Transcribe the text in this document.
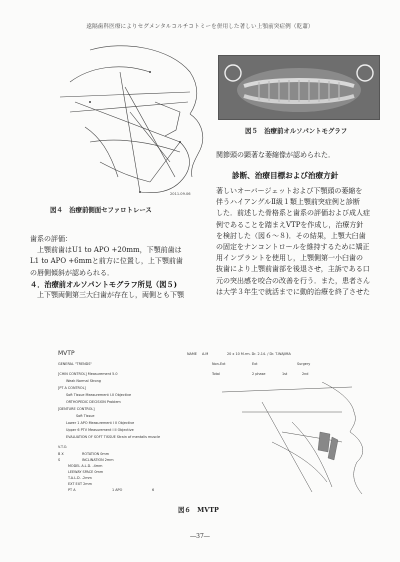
遠隔歯科医療によりセグメンタルコルチコトミーを併用した著しい上顎前突症例（乾蕭）
2011.09.06
図４　治療前側面セファロトレース
図５　治療前オルソパントモグラフ
関節頭の顕著な萎縮像が認められた．
診断、治療目標および治療方針

著しいオーバージェットおよび下顎頭の萎縮を

伴うハイアングルⅡ級１類上顎前突症例と診断

した．前述した骨格系と歯系の評価および成人症

例であることを踏まえVTPを作成し，治療方針

を検討した（図６～８)．その結果，上顎大臼歯

の固定をナンコントロールを維持するために矯正

用インプラントを使用し，上顎側第一小臼歯の

抜歯により上顎前歯部を後退させ，主訴である口

元の突出感を咬合の改善を行う．また，患者さん

は大学３年生で就活までに動的治療を終了させた

歯系の評価：

　上顎前歯はU1 to APO +20mm，下顎前歯は

L1 to APO +6mmと前方に位置し，上下顎前歯

の唇側傾斜が認められる．

４．治療前オルソパントモグラフ所見（図５)

　上下顎両側第三大臼歯が存在し，両側とも下顎

MVTP	NAME A.M	20 x 10 M.rm. Dr. 2.14. / Dr. T.WAJIMA
GENERAL "TRENDS"	Non-Ext	Ext	Surgery
Total	2 phase	1st	2nd
[CHIN CONTROL] Measurement 5.0
Weak Normal Strong
[PT A CONTROL]
Soft Tissue Measurement I.II Objective
ORTHOPEDIC DECISION Problem
[DENTURE CONTROL]
Soft Tissue
Lower 1 APO Measurement I II Objective
Upper 6 PTV Measurement I II Objective
EVALUATION OF SOFT TISSUE Strain of mentalis muscle
V.T.O.
B X	ROTATION 0mm
S	INCLINATION 2mm
MODEL A.L.D. -4mm
LEEWAY SPACE 0mm
T.A.L.D. -2mm
EXT EXT 2mm
PT A	1 APO	6
図６　MVTP
―37―
